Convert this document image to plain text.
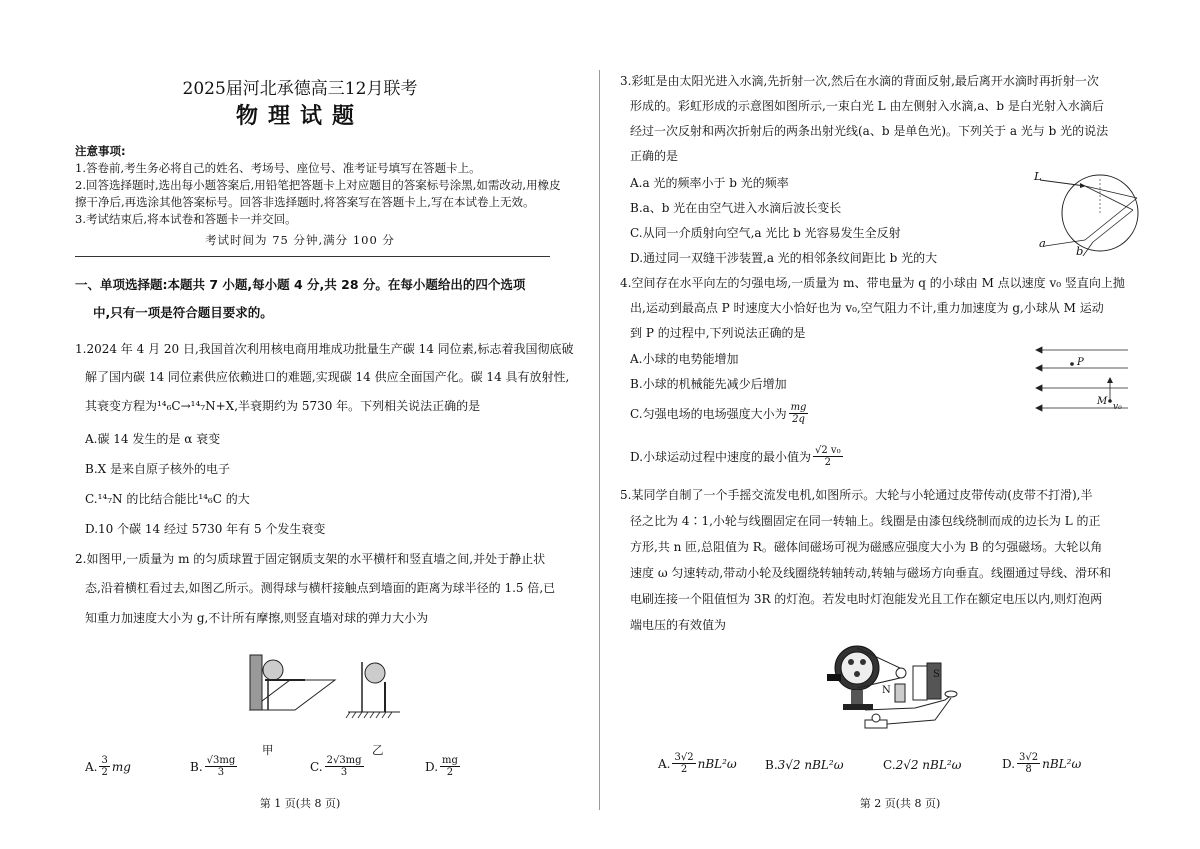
2025届河北承德高三12月联考
物理试题
注意事项:
1.答卷前,考生务必将自己的姓名、考场号、座位号、准考证号填写在答题卡上。
2.回答选择题时,选出每小题答案后,用铅笔把答题卡上对应题目的答案标号涂黑,如需改动,用橡皮
擦干净后,再选涂其他答案标号。回答非选择题时,将答案写在答题卡上,写在本试卷上无效。
3.考试结束后,将本试卷和答题卡一并交回。
考试时间为 75 分钟,满分 100 分
一、单项选择题:本题共 7 小题,每小题 4 分,共 28 分。在每小题给出的四个选项
中,只有一项是符合题目要求的。
1.2024 年 4 月 20 日,我国首次利用核电商用堆成功批量生产碳 14 同位素,标志着我国彻底破
解了国内碳 14 同位素供应依赖进口的难题,实现碳 14 供应全面国产化。碳 14 具有放射性,
其衰变方程为¹⁴₆C→¹⁴₇N+X,半衰期约为 5730 年。下列相关说法正确的是
A.碳 14 发生的是 α 衰变
B.X 是来自原子核外的电子
C.¹⁴₇N 的比结合能比¹⁴₆C 的大
D.10 个碳 14 经过 5730 年有 5 个发生衰变
2.如图甲,一质量为 m 的匀质球置于固定钢质支架的水平横杆和竖直墙之间,并处于静止状
态,沿着横杠看过去,如图乙所示。测得球与横杆接触点到墙面的距离为球半径的 1.5 倍,已
知重力加速度大小为 g,不计所有摩擦,则竖直墙对球的弹力大小为
甲	乙
A. 3
2 mg	B. √3mg
3	C. 2√3mg
3	D. mg
2
第 1 页(共 8 页)
3.彩虹是由太阳光进入水滴,先折射一次,然后在水滴的背面反射,最后离开水滴时再折射一次
形成的。彩虹形成的示意图如图所示,一束白光 L 由左侧射入水滴,a、b 是白光射入水滴后
经过一次反射和两次折射后的两条出射光线(a、b 是单色光)。下列关于 a 光与 b 光的说法
正确的是
A.a 光的频率小于 b 光的频率
B.a、b 光在由空气进入水滴后波长变长
C.从同一介质射向空气,a 光比 b 光容易发生全反射
D.通过同一双缝干涉装置,a 光的相邻条纹间距比 b 光的大
L
a
b
4.空间存在水平向左的匀强电场,一质量为 m、带电量为 q 的小球由 M 点以速度 v₀ 竖直向上抛
出,运动到最高点 P 时速度大小恰好也为 v₀,空气阻力不计,重力加速度为 g,小球从 M 运动
到 P 的过程中,下列说法正确的是
A.小球的电势能增加
B.小球的机械能先减少后增加
C.匀强电场的电场强度大小为 mg
2q
D.小球运动过程中速度的最小值为 √2 v₀
2
P
M v₀
5.某同学自制了一个手摇交流发电机,如图所示。大轮与小轮通过皮带传动(皮带不打滑),半
径之比为 4∶1,小轮与线圈固定在同一转轴上。线圈是由漆包线绕制而成的边长为 L 的正
方形,共 n 匝,总阻值为 R。磁体间磁场可视为磁感应强度大小为 B 的匀强磁场。大轮以角
速度 ω 匀速转动,带动小轮及线圈绕转轴转动,转轴与磁场方向垂直。线圈通过导线、滑环和
电刷连接一个阻值恒为 3R 的灯泡。若发电时灯泡能发光且工作在额定电压以内,则灯泡两
端电压的有效值为
N
S
A. 3√2
2 nBL²ω B.3√2 nBL²ω	C.2√2 nBL²ω	D. 3√2
8 nBL²ω
第 2 页(共 8 页)
